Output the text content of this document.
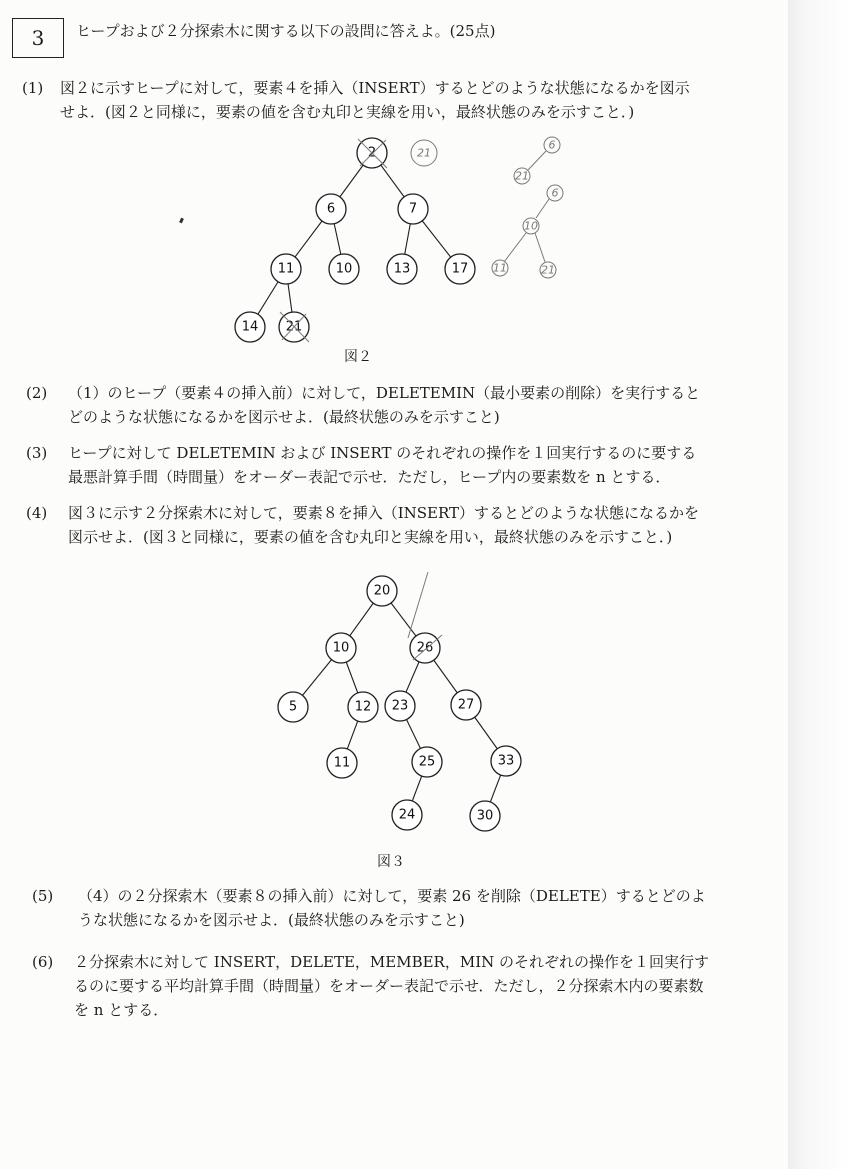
3	ヒープおよび２分探索木に関する以下の設問に答えよ。(25点)
(1) 図２に示すヒープに対して，要素４を挿入（INSERT）するとどのような状態になるかを図示
せよ．(図２と同様に，要素の値を含む丸印と実線を用い，最終状態のみを示すこと．)
2
6	7
11	10	13	17
14 21
21
6
21
6
10
11	21
図２
(2) （1）のヒープ（要素４の挿入前）に対して，DELETEMIN（最小要素の削除）を実行すると
どのような状態になるかを図示せよ．(最終状態のみを示すこと)
(3) ヒープに対して DELETEMIN および INSERT のそれぞれの操作を１回実行するのに要する
最悪計算手間（時間量）をオーダー表記で示せ．ただし，ヒープ内の要素数を n とする．
(4) 図３に示す２分探索木に対して，要素８を挿入（INSERT）するとどのような状態になるかを
図示せよ．(図３と同様に，要素の値を含む丸印と実線を用い，最終状態のみを示すこと．)
20
10	26
5	12 23	27
11	25	33
24	30
図３
(5) （4）の２分探索木（要素８の挿入前）に対して，要素 26 を削除（DELETE）するとどのよ
うな状態になるかを図示せよ．(最終状態のみを示すこと)
(6) ２分探索木に対して INSERT，DELETE，MEMBER，MIN のそれぞれの操作を１回実行す
るのに要する平均計算手間（時間量）をオーダー表記で示せ．ただし，２分探索木内の要素数
を n とする．
